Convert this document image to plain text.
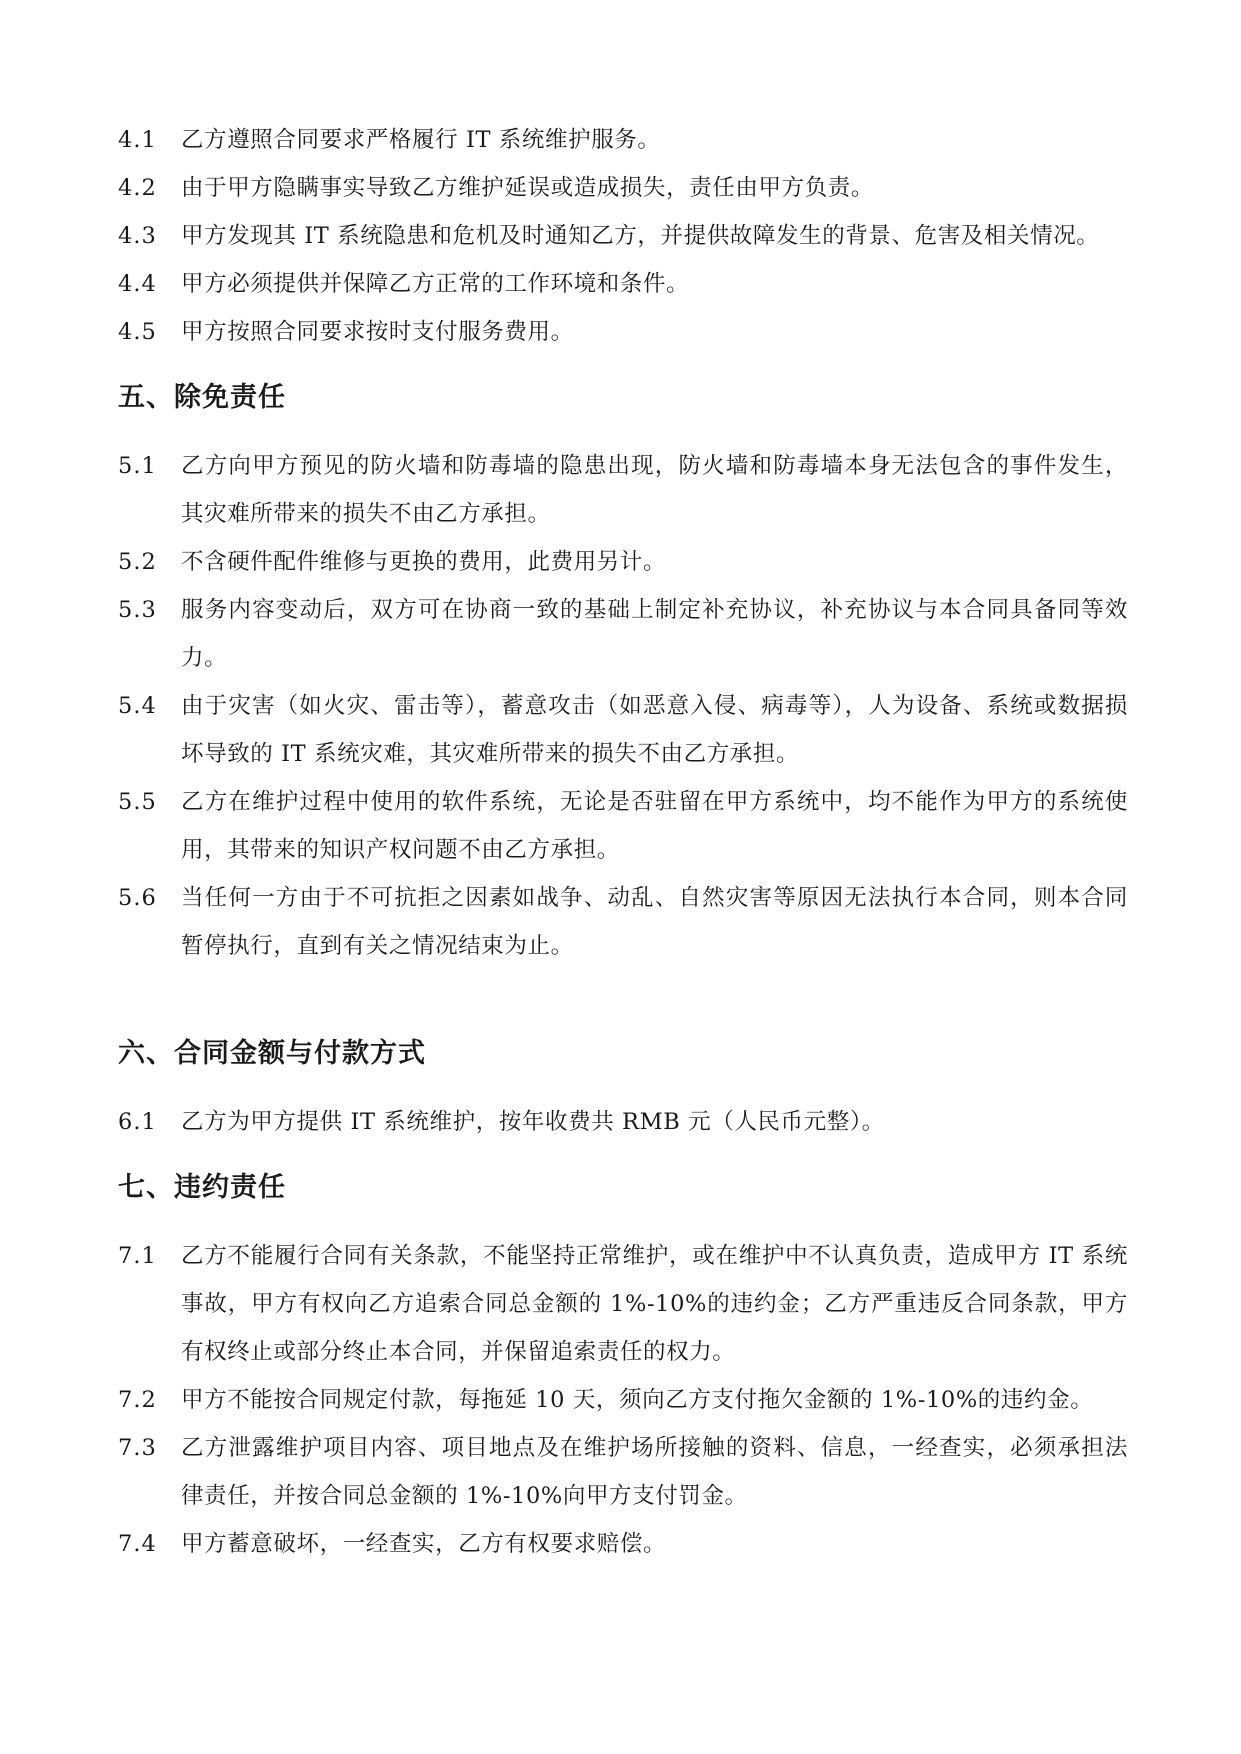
4.1	乙方遵照合同要求严格履行 IT 系统维护服务。
4.2	由于甲方隐瞒事实导致乙方维护延误或造成损失，责任由甲方负责。
4.3	甲方发现其 IT 系统隐患和危机及时通知乙方，并提供故障发生的背景、危害及相关情况。
4.4	甲方必须提供并保障乙方正常的工作环境和条件。
4.5	甲方按照合同要求按时支付服务费用。
五、除免责任
5.1	乙方向甲方预见的防火墙和防毒墙的隐患出现，防火墙和防毒墙本身无法包含的事件发生，其灾难所带来的损失不由乙方承担。
5.2	不含硬件配件维修与更换的费用，此费用另计。
5.3	服务内容变动后，双方可在协商一致的基础上制定补充协议，补充协议与本合同具备同等效力。
5.4	由于灾害（如火灾、雷击等），蓄意攻击（如恶意入侵、病毒等），人为设备、系统或数据损坏导致的 IT 系统灾难，其灾难所带来的损失不由乙方承担。
5.5	乙方在维护过程中使用的软件系统，无论是否驻留在甲方系统中，均不能作为甲方的系统使用，其带来的知识产权问题不由乙方承担。
5.6	当任何一方由于不可抗拒之因素如战争、动乱、自然灾害等原因无法执行本合同，则本合同暂停执行，直到有关之情况结束为止。
六、合同金额与付款方式
6.1	乙方为甲方提供 IT 系统维护，按年收费共 RMB 元（人民币元整）。
七、违约责任
7.1	乙方不能履行合同有关条款，不能坚持正常维护，或在维护中不认真负责，造成甲方 IT 系统事故，甲方有权向乙方追索合同总金额的 1%-10%的违约金；乙方严重违反合同条款，甲方有权终止或部分终止本合同，并保留追索责任的权力。
7.2	甲方不能按合同规定付款，每拖延 10 天，须向乙方支付拖欠金额的 1%-10%的违约金。
7.3	乙方泄露维护项目内容、项目地点及在维护场所接触的资料、信息，一经查实，必须承担法律责任，并按合同总金额的 1%-10%向甲方支付罚金。
7.4	甲方蓄意破坏，一经查实，乙方有权要求赔偿。
